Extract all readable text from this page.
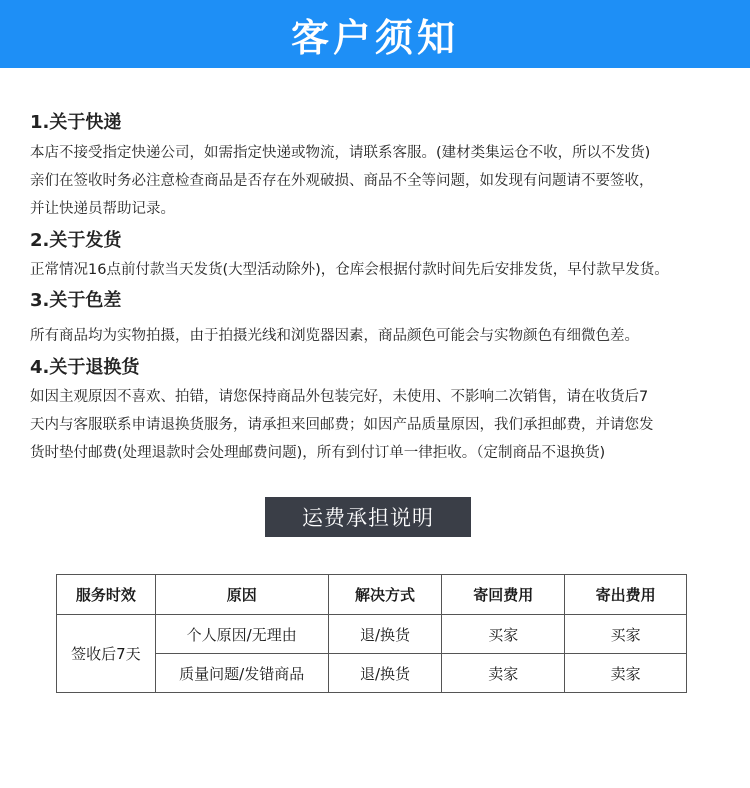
客户须知
1.关于快递
本店不接受指定快递公司，如需指定快递或物流，请联系客服。(建材类集运仓不收，所以不发货)
亲们在签收时务必注意检查商品是否存在外观破损、商品不全等问题，如发现有问题请不要签收，
并让快递员帮助记录。
2.关于发货
正常情况16点前付款当天发货(大型活动除外)，仓库会根据付款时间先后安排发货，早付款早发货。
3.关于色差
所有商品均为实物拍摄，由于拍摄光线和浏览器因素，商品颜色可能会与实物颜色有细微色差。
4.关于退换货
如因主观原因不喜欢、拍错，请您保持商品外包装完好，未使用、不影响二次销售，请在收货后7
天内与客服联系申请退换货服务，请承担来回邮费；如因产品质量原因，我们承担邮费，并请您发
货时垫付邮费(处理退款时会处理邮费问题)，所有到付订单一律拒收。（定制商品不退换货)
运费承担说明
服务时效	原因	解决方式	寄回费用	寄出费用
签收后7天	个人原因/无理由	退/换货	买家	买家
	质量问题/发错商品	退/换货	卖家	卖家
